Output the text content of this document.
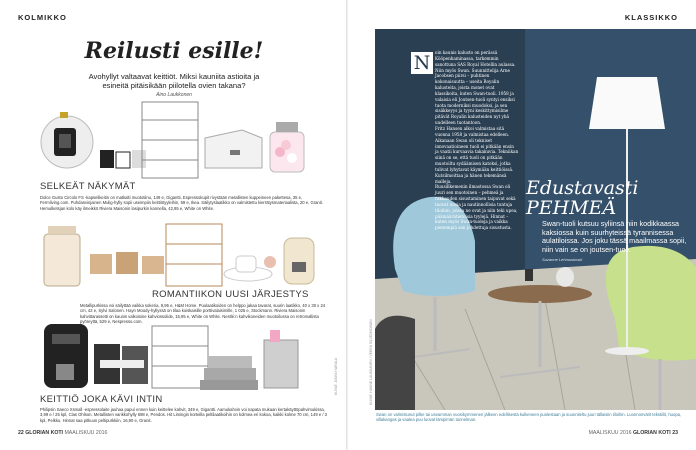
KOLMIKKO
Reilusti esille!
Avohyllyt valtaavat keittiöt. Miksi kauniita astioita ja esineitä pitäisikään piilotella ovien takana?
Aino Laukkonen
SELKEÄT NÄKYMÄT
Dolce Gusto Circolo FS -kapselikeitin on matkalti muototiinu, 149 e, Gigantti. Espressokupit rivystään metallisten kuppeineen pakettesa, 35 e, Fermliving.com. Puhdasvinjainen Mulig-hylly sopii useimpiin keittiötyyleihin, 59 e, Ikea. Säilytyslaatikko on valmistettu kierrätysmateriaalista, 20 e, Granit. Hemulketsjan kolo käy ilmeikkö Riviera Maisonin lasipurkin kannella, 42,95 e, White on White.
ROMANTIIKON UUSI JÄRJESTYS
Metallipurkissa voi säilyttää vaikka sokeria, 9,95 e, H&M Home. Puulaatikoiden on helppo jakaa tavarat, suurin laatikko, 40 x 30 x 24 cm, 42 e, Sylvi Salonen. Hayn Moody-hyllyssä on tilaa koiskaisille porttivalaisimille, 1 025 e, Stockmann. Riviera Maisonin kahvittarassetti on kaunis valkoisine kahviossolide, 15,95 e, White on White. Nestlé:n kahvikoneiden muotoilussa on retromallista pyöreyttä, 529 e, Nespresso.com.
KEITTIÖ JOKA KÄVI INTIN
Philipsin Saeco Xsmall -espressolaite jauhaa papuí ennen kuin keittelee kahvit, 349 e, Gigantti. Aamukahvin voi napata mukaan kertakäyttöpahvimukissa, 3,99 e / 25 kpl, Clas Ohlson. Metallisten varikkohylly 698 e, Pendos. Hit Limingin korteilla peltilaatikoihin on kolmea eri kokoa, kaikki kolme 70 cm, 149 e / 3 kpl, Pelkku. Hinnat saa pitkuun peltipurkkiin, 16,90 e, Granit.
22 GLORIAN KOTI MAALISKUU 2016
KUVAT: JOUNI HARALA
KLASSIKKO
N	oin kaunis kalusto on perässä Kööpenhaminassa, tarkemmin sanottuna SAS Royal Hotellin aulassa. Niin myös Swan. Suunnittelija Arne Jacobsen piirsi – puhtinen kokonaisuutta – useita Royalin kalusteita, joista monet ovat klassikoita, kuten Swan-tuoli. 1958 ja valaisia eli Joutsen-tuoli syntyi ensiksi tuota moderniksi muodoksi, ja sen sisäkkeyys ja tyyni keskittymisilme pitävät Royalin kalusteiden nyt yhä uudelleen tuotantoon.

Fritz Hansen alkoi valmistaa sitä vuonna 1958 ja valmistaa edelleen.

Aikanaan Swan oli tekniset innovaatioineen tuoli ei pitkään ensin ja vaatii kurvaavia takakuvia. Tekniikan siinä on se, että tuoli on pitkään muotoiltu sydäämisen katoksi, jotka tulivat lyhytavat käymään keittiöissä. Kutsilmoittaa ja hänen tekemänsä malleja.

Ruusillkemenin ilmastossa Swan oli juuri sen muotoinen – pehmeä ja rakkauden sisustaminen taipuvat sekä tuovat uusia ja nautinnollisia tuntuja tiloihin, joissa ne ovat ja niin teki upea, päämäärätietoisia tyylejä. Hinnat – kuten myös Swan-tuoleja ja vaikka pienempiä sen johdettuja sisustusta.

Edustavasti PEHMEÄ
Swan-tuoli kutsuu syliinsä niin kodikkaassa kaksiossa kuin suurhyteissä tyrannisessa aulatiloissa. Jos joku tässä maailmassa sopii, niin vain se on joutsen-tuoli.
Suzanne Lehmuskoski
Swan on valmistunut pilke tai useamman vuosikymmenen jälkeen edellisestä kulkeneen puolestaan ja suunniteltu juuri tällaisiin tiloihin. Luonnonvärit tekstiilit, huopa, villakangas ja vaalea puu luovat lämpimän tunnelman.
KUVAT: HANNE LAUKKANEN / VEERA SILVENNOINEN
MAALISKUU 2016 GLORIAN KOTI 23
